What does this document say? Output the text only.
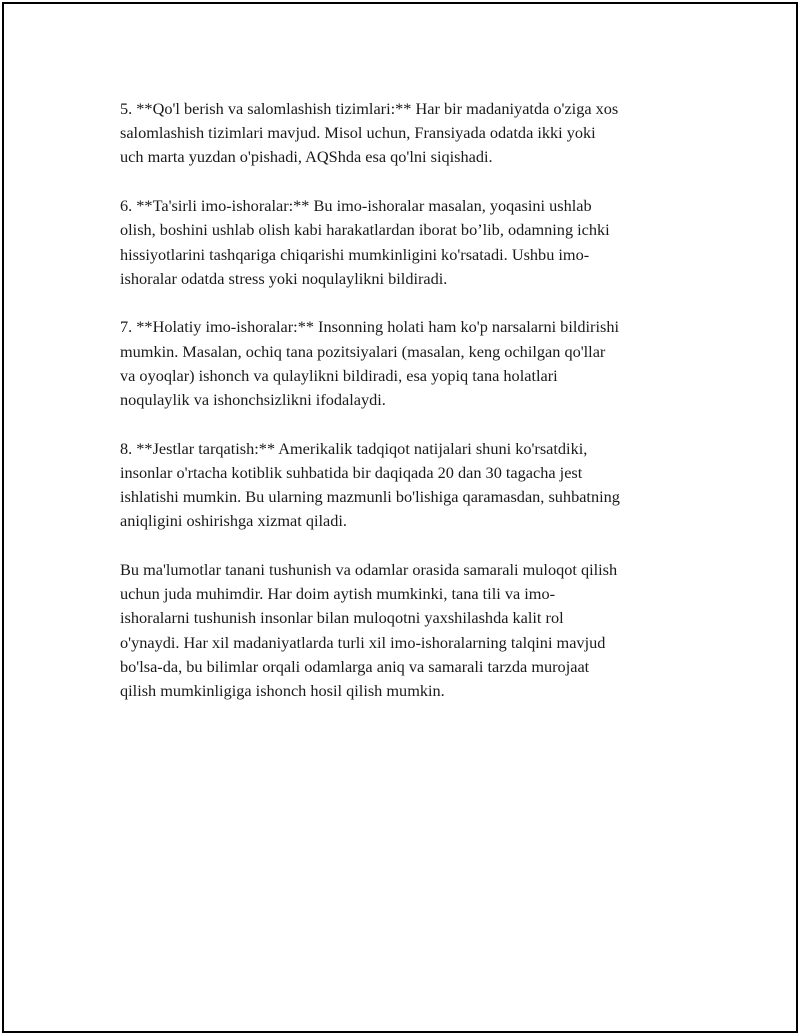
5. **Qo'l berish va salomlashish tizimlari:** Har bir madaniyatda o'ziga xos
salomlashish tizimlari mavjud. Misol uchun, Fransiyada odatda ikki yoki
uch marta yuzdan o'pishadi, AQShda esa qo'lni siqishadi.

6. **Ta'sirli imo-ishoralar:** Bu imo-ishoralar masalan, yoqasini ushlab
olish, boshini ushlab olish kabi harakatlardan iborat bo’lib, odamning ichki
hissiyotlarini tashqariga chiqarishi mumkinligini ko'rsatadi. Ushbu imo-
ishoralar odatda stress yoki noqulaylikni bildiradi.

7. **Holatiy imo-ishoralar:** Insonning holati ham ko'p narsalarni bildirishi
mumkin. Masalan, ochiq tana pozitsiyalari (masalan, keng ochilgan qo'llar
va oyoqlar) ishonch va qulaylikni bildiradi, esa yopiq tana holatlari
noqulaylik va ishonchsizlikni ifodalaydi.

8. **Jestlar tarqatish:** Amerikalik tadqiqot natijalari shuni ko'rsatdiki,
insonlar o'rtacha kotiblik suhbatida bir daqiqada 20 dan 30 tagacha jest
ishlatishi mumkin. Bu ularning mazmunli bo'lishiga qaramasdan, suhbatning
aniqligini oshirishga xizmat qiladi.

Bu ma'lumotlar tanani tushunish va odamlar orasida samarali muloqot qilish
uchun juda muhimdir. Har doim aytish mumkinki, tana tili va imo-
ishoralarni tushunish insonlar bilan muloqotni yaxshilashda kalit rol
o'ynaydi. Har xil madaniyatlarda turli xil imo-ishoralarning talqini mavjud
bo'lsa-da, bu bilimlar orqali odamlarga aniq va samarali tarzda murojaat
qilish mumkinligiga ishonch hosil qilish mumkin.
